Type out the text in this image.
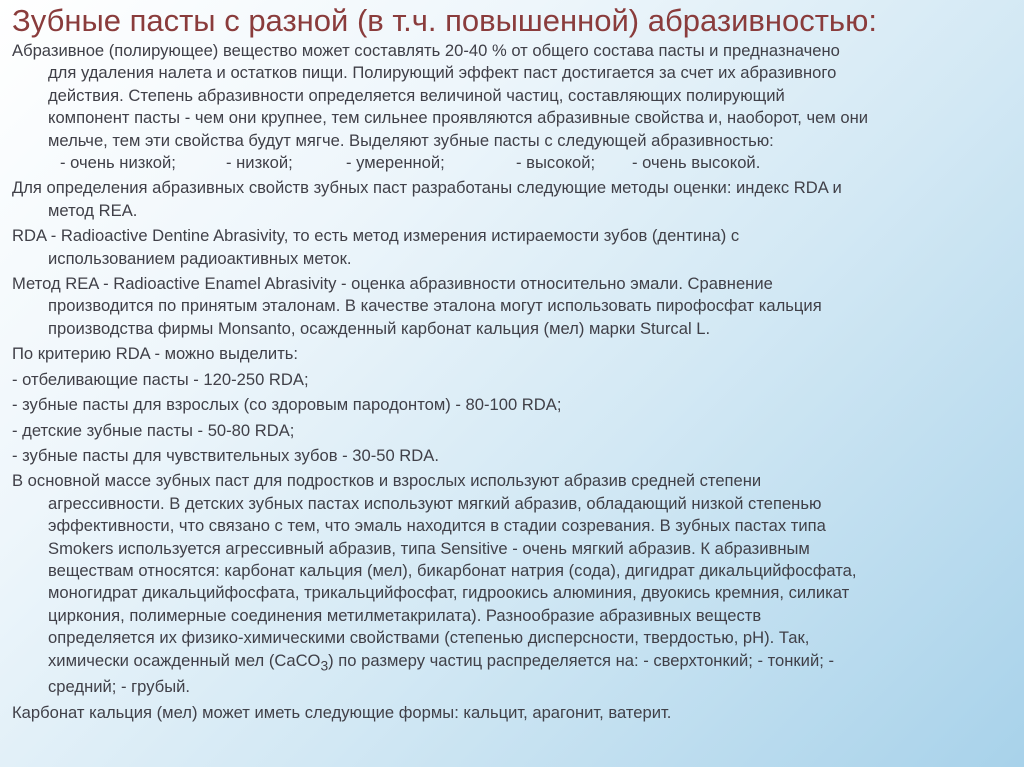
Зубные пасты с разной (в т.ч. повышенной) абразивностью:
Абразивное (полирующее) вещество может составлять 20-40 % от общего состава пасты и предназначено
для удаления налета и остатков пищи. Полирующий эффект паст достигается за счет их абразивного
действия. Степень абразивности определяется величиной частиц, составляющих полирующий
компонент пасты - чем они крупнее, тем сильнее проявляются абразивные свойства и, наоборот, чем они
мельче, тем эти свойства будут мягче. Выделяют зубные пасты с следующей абразивностью:
- очень низкой;	- низкой;	- умеренной;	- высокой; - очень высокой.
Для определения абразивных свойств зубных паст разработаны следующие методы оценки: индекс RDA и
метод REA.
RDA - Radioactive Dentine Abrasivity, то есть метод измерения истираемости зубов (дентина) с
использованием радиоактивных меток.
Метод REA - Radioactive Enamel Abrasivity - оценка абразивности относительно эмали. Сравнение
производится по принятым эталонам. В качестве эталона могут использовать пирофосфат кальция
производства фирмы Monsanto, осажденный карбонат кальция (мел) марки Sturcal L.
По критерию RDA - можно выделить:
- отбеливающие пасты - 120-250 RDA;
- зубные пасты для взрослых (со здоровым пародонтом) - 80-100 RDA;
- детские зубные пасты - 50-80 RDA;
- зубные пасты для чувствительных зубов - 30-50 RDA.
В основной массе зубных паст для подростков и взрослых используют абразив средней степени
агрессивности. В детских зубных пастах используют мягкий абразив, обладающий низкой степенью
эффективности, что связано с тем, что эмаль находится в стадии созревания. В зубных пастах типа
Smokers используется агрессивный абразив, типа Sensitive - очень мягкий абразив. К абразивным
веществам относятся: карбонат кальция (мел), бикарбонат натрия (сода), дигидрат дикальцийфосфата,
моногидрат дикальцийфосфата, трикальцийфосфат, гидроокись алюминия, двуокись кремния, силикат
циркония, полимерные соединения метилметакрилата). Разнообразие абразивных веществ
определяется их физико-химическими свойствами (степенью дисперсности, твердостью, pH). Так,
химически осажденный мел (CaCO$_3$) по размеру частиц распределяется на: - сверхтонкий; - тонкий; -
средний; - грубый.
Карбонат кальция (мел) может иметь следующие формы: кальцит, арагонит, ватерит.
